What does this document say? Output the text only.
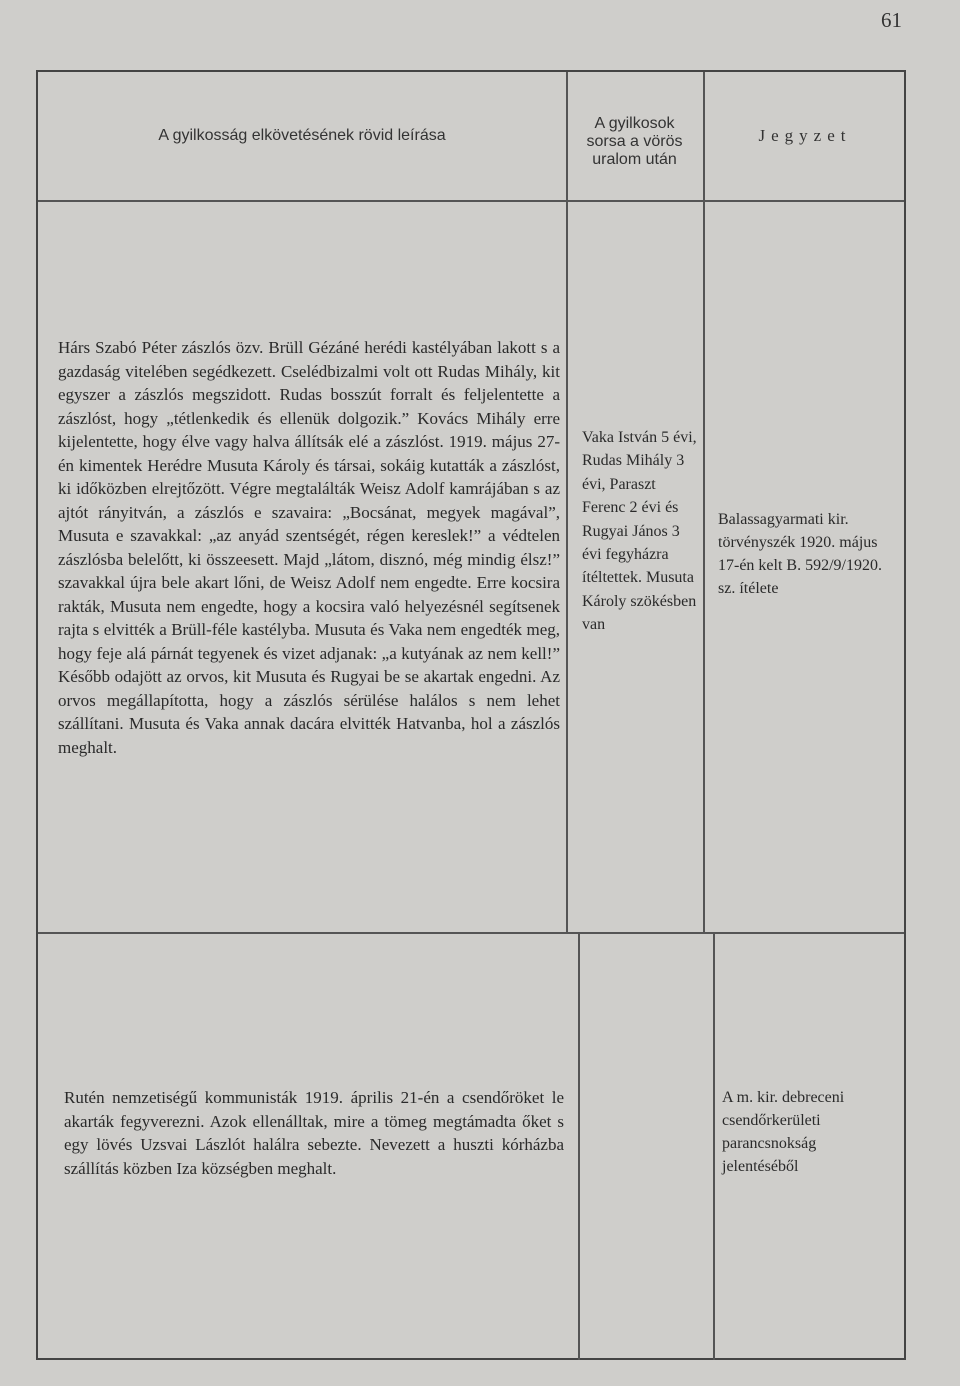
61
A gyilkosság elkövetésének rövid leírása
A gyilkosok sorsa a vörös uralom után
Jegyzet
Hárs Szabó Péter zászlós özv. Brüll Gézáné herédi kastélyában lakott s a gazdaság vitelében segédkezett. Cselédbizalmi volt ott Rudas Mihály, kit egyszer a zászlós megszidott. Rudas bosszút forralt és feljelentette a zászlóst, hogy „tétlenkedik és ellenük dolgozik.” Kovács Mihály erre kijelentette, hogy élve vagy halva állítsák elé a zászlóst. 1919. május 27-én kimentek Herédre Musuta Károly és társai, sokáig kutatták a zászlóst, ki időközben elrejtőzött. Végre megtalálták Weisz Adolf kamrájában s az ajtót rányitván, a zászlós e szavaira: „Bocsánat, megyek magával”, Musuta e szavakkal: „az anyád szentségét, régen kereslek!” a védtelen zászlósba belelőtt, ki összeesett. Majd „látom, disznó, még mindig élsz!” szavakkal újra bele akart lőni, de Weisz Adolf nem engedte. Erre kocsira rakták, Musuta nem engedte, hogy a kocsira való helyezésnél segítsenek rajta s elvitték a Brüll-féle kastélyba. Musuta és Vaka nem engedték meg, hogy feje alá párnát tegyenek és vizet adjanak: „a kutyának az nem kell!” Később odajött az orvos, kit Musuta és Rugyai be se akartak engedni. Az orvos megállapította, hogy a zászlós sérülése halálos s nem lehet szállítani. Musuta és Vaka annak dacára elvitték Hatvanba, hol a zászlós meghalt.
Vaka István 5 évi, Rudas Mihály 3 évi, Paraszt Ferenc 2 évi és Rugyai János 3 évi fegyházra ítéltettek. Musuta Károly szökésben van
Balassagyarmati kir. törvényszék 1920. május 17-én kelt B. 592/9/1920. sz. ítélete
Rutén nemzetiségű kommunisták 1919. április 21-én a csendőröket le akarták fegyverezni. Azok ellenálltak, mire a tömeg megtámadta őket s egy lövés Uzsvai Lászlót halálra sebezte. Nevezett a huszti kórházba szállítás közben Iza községben meghalt.
A m. kir. debreceni csendőrkerületi parancsnokság jelentéséből
